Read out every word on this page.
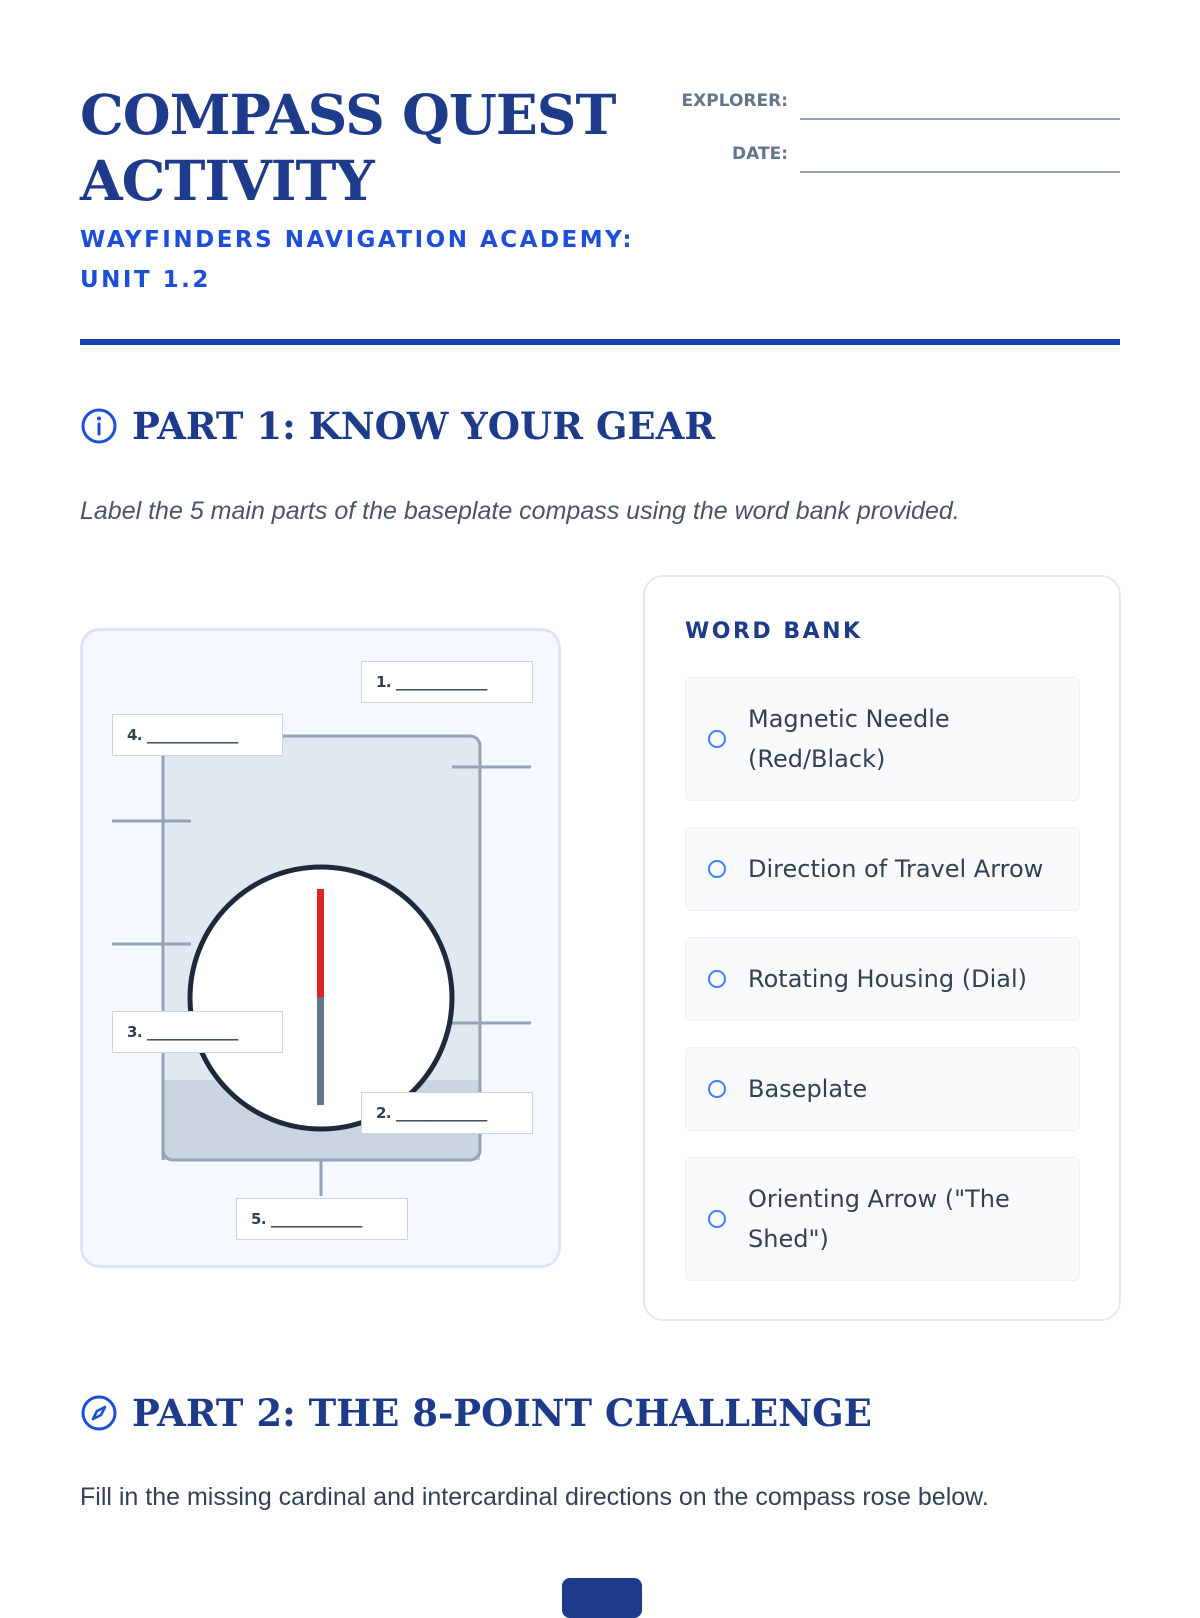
COMPASS QUEST ACTIVITY
WAYFINDERS NAVIGATION ACADEMY: UNIT 1.2
EXPLORER:
DATE:
PART 1: KNOW YOUR GEAR
Label the 5 main parts of the baseplate compass using the word bank provided.
1. _____________
2. _____________
3. _____________
4. _____________
5. _____________
WORD BANK
Magnetic Needle (Red/Black)
Direction of Travel Arrow
Rotating Housing (Dial)
Baseplate
Orienting Arrow ("The Shed")
PART 2: THE 8-POINT CHALLENGE
Fill in the missing cardinal and intercardinal directions on the compass rose below.
